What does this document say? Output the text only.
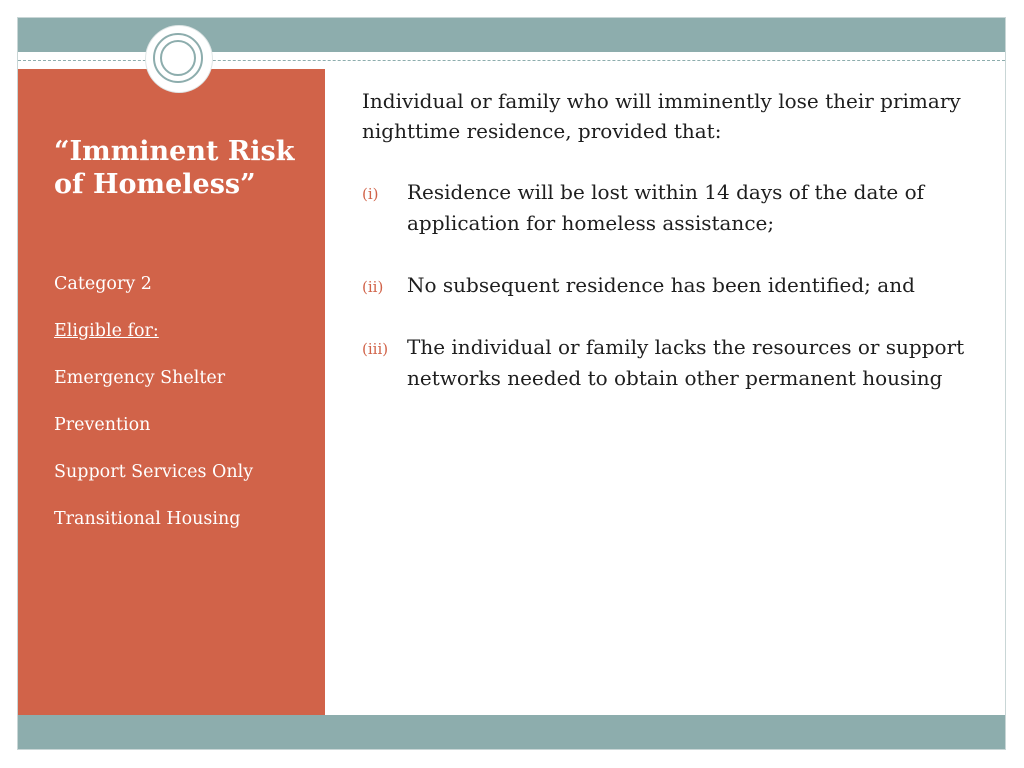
“Imminent Risk of Homeless”
Category 2
Eligible for:
Emergency Shelter
Prevention
Support Services Only
Transitional Housing

Individual or family who will imminently lose their primary nighttime residence, provided that:

(i) Residence will be lost within 14 days of the date of application for homeless assistance;
(ii) No subsequent residence has been identified; and
(iii) The individual or family lacks the resources or support networks needed to obtain other permanent housing
